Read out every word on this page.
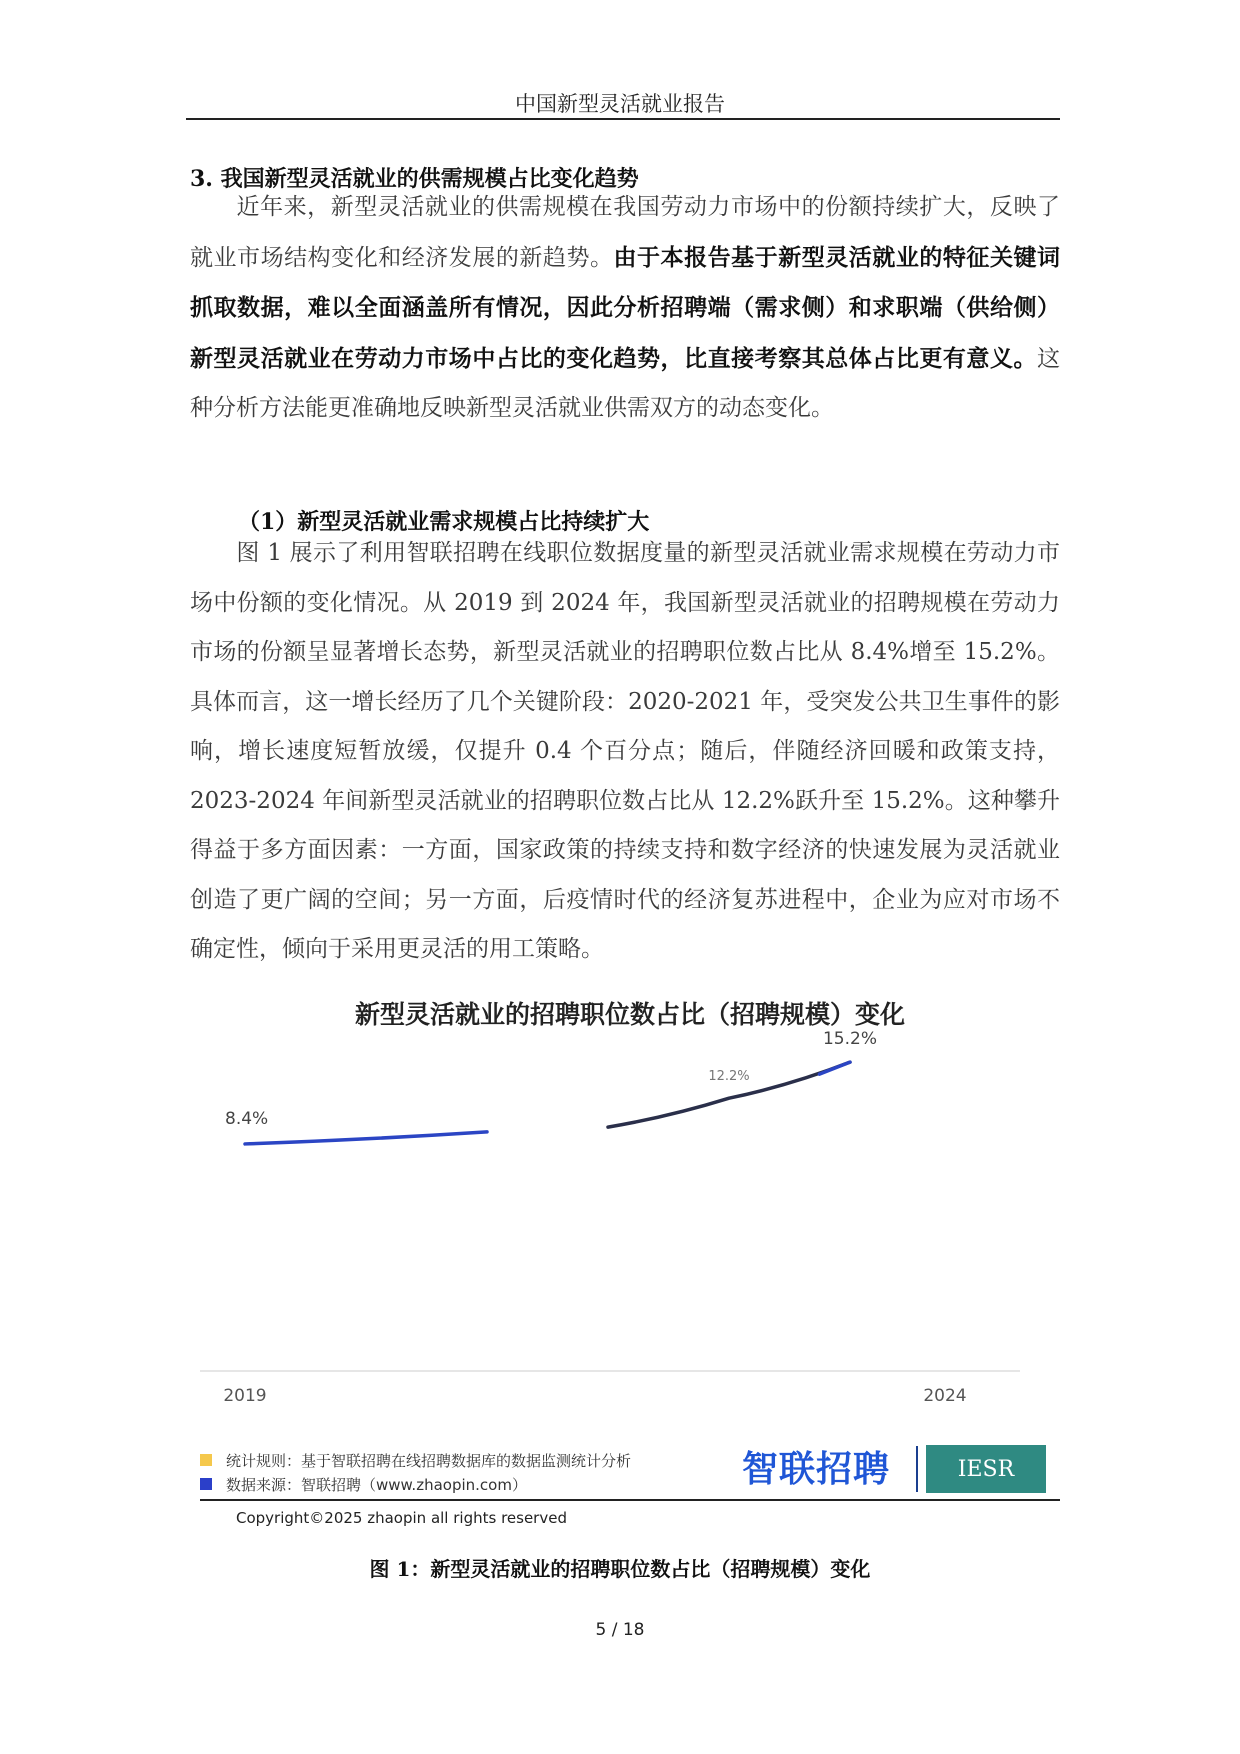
中国新型灵活就业报告
3. 我国新型灵活就业的供需规模占比变化趋势

近年来，新型灵活就业的供需规模在我国劳动力市场中的份额持续扩大，反映了就业市场结构变化和经济发展的新趋势。由于本报告基于新型灵活就业的特征关键词抓取数据，难以全面涵盖所有情况，因此分析招聘端（需求侧）和求职端（供给侧）新型灵活就业在劳动力市场中占比的变化趋势，比直接考察其总体占比更有意义。这种分析方法能更准确地反映新型灵活就业供需双方的动态变化。

（1）新型灵活就业需求规模占比持续扩大

图 1 展示了利用智联招聘在线职位数据度量的新型灵活就业需求规模在劳动力市场中份额的变化情况。从 2019 到 2024 年，我国新型灵活就业的招聘规模在劳动力市场的份额呈显著增长态势，新型灵活就业的招聘职位数占比从 8.4%增至 15.2%。具体而言，这一增长经历了几个关键阶段：2020-2021 年，受突发公共卫生事件的影响，增长速度短暂放缓，仅提升 0.4 个百分点；随后，伴随经济回暖和政策支持，2023-2024 年间新型灵活就业的招聘职位数占比从 12.2%跃升至 15.2%。这种攀升得益于多方面因素：一方面，国家政策的持续支持和数字经济的快速发展为灵活就业创造了更广阔的空间；另一方面，后疫情时代的经济复苏进程中，企业为应对市场不确定性，倾向于采用更灵活的用工策略。

新型灵活就业的招聘职位数占比（招聘规模）变化
8.4%
12.2%
15.2%
2019	2024
统计规则：基于智联招聘在线招聘数据库的数据监测统计分析
数据来源：智联招聘（www.zhaopin.com）	智联招聘	IESR
Copyright©2025 zhaopin all rights reserved
图 1：新型灵活就业的招聘职位数占比（招聘规模）变化
5 / 18
